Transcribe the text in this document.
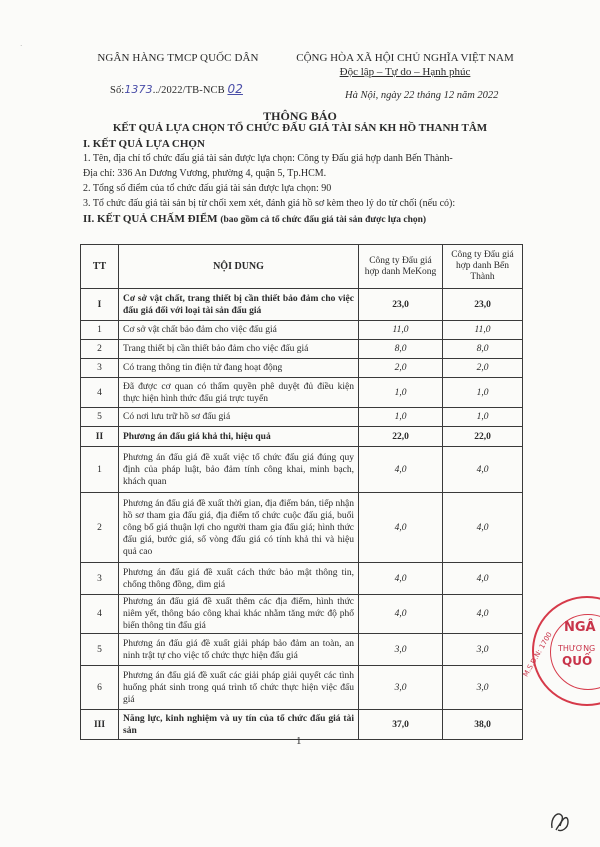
·
NGÂN HÀNG TMCP QUỐC DÂN
Số:1373../2022/TB-NCB 02
CỘNG HÒA XÃ HỘI CHỦ NGHĨA VIỆT NAM
Độc lập – Tự do – Hạnh phúc
Hà Nội, ngày 22 tháng 12 năm 2022
THÔNG BÁO
KẾT QUẢ LỰA CHỌN TỔ CHỨC ĐẤU GIÁ TÀI SẢN KH HỒ THANH TÂM
I. KẾT QUẢ LỰA CHỌN
1. Tên, địa chỉ tổ chức đấu giá tài sản được lựa chọn: Công ty Đấu giá hợp danh Bến Thành-
Địa chỉ: 336 An Dương Vương, phường 4, quận 5, Tp.HCM.
2. Tổng số điểm của tổ chức đấu giá tài sản được lựa chọn: 90
3. Tổ chức đấu giá tài sản bị từ chối xem xét, đánh giá hồ sơ kèm theo lý do từ chối (nếu có):
II. KẾT QUẢ CHẤM ĐIỂM (bao gồm cả tổ chức đấu giá tài sản được lựa chọn)
TT	NỘI DUNG	Công ty Đấu giá hợp danh MeKong	Công ty Đấu giá hợp danh Bến Thành
I	Cơ sở vật chất, trang thiết bị cần thiết bảo đảm cho việc đấu giá đối với loại tài sản đấu giá	23,0	23,0
1	Cơ sở vật chất bảo đảm cho việc đấu giá	11,0	11,0
2	Trang thiết bị cần thiết bảo đảm cho việc đấu giá	8,0	8,0
3	Có trang thông tin điện tử đang hoạt động	2,0	2,0
4	Đã được cơ quan có thẩm quyền phê duyệt đủ điều kiện thực hiện hình thức đấu giá trực tuyến	1,0	1,0
5	Có nơi lưu trữ hồ sơ đấu giá	1,0	1,0
II	Phương án đấu giá khả thi, hiệu quả	22,0	22,0
1	Phương án đấu giá đề xuất việc tổ chức đấu giá đúng quy định của pháp luật, bảo đảm tính công khai, minh bạch, khách quan	4,0	4,0
2	Phương án đấu giá đề xuất thời gian, địa điểm bán, tiếp nhận hồ sơ tham gia đấu giá, địa điểm tổ chức cuộc đấu giá, buổi công bố giá thuận lợi cho người tham gia đấu giá; hình thức đấu giá, bước giá, số vòng đấu giá có tính khả thi và hiệu quả cao	4,0	4,0
3	Phương án đấu giá đề xuất cách thức bảo mật thông tin, chống thông đồng, dìm giá	4,0	4,0
4	Phương án đấu giá đề xuất thêm các địa điểm, hình thức niêm yết, thông báo công khai khác nhằm tăng mức độ phổ biến thông tin đấu giá	4,0	4,0
5	Phương án đấu giá đề xuất giải pháp bảo đảm an toàn, an ninh trật tự cho việc tổ chức thực hiện đấu giá	3,0	3,0
6	Phương án đấu giá đề xuất các giải pháp giải quyết các tình huống phát sinh trong quá trình tổ chức thực hiện việc đấu giá	3,0	3,0
III	Năng lực, kinh nghiệm và uy tín của tổ chức đấu giá tài sản	37,0	38,0
1
M.S.D.N: 1700
NGÂ
THƯƠNG
QUỐ
